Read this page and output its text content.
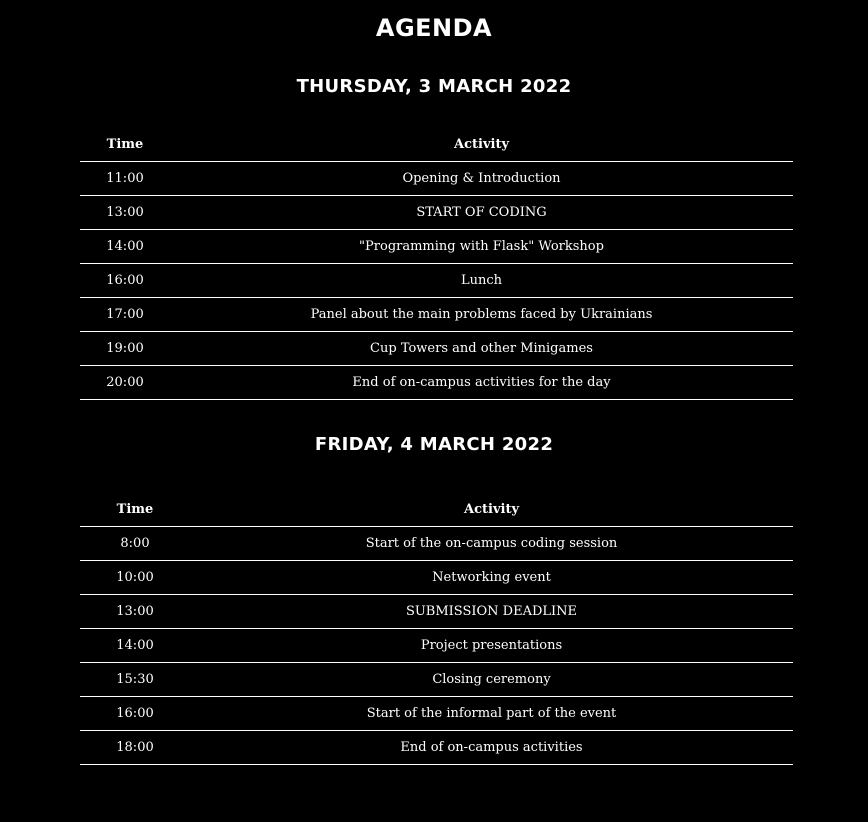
AGENDA
THURSDAY, 3 MARCH 2022
Time	Activity
11:00	Opening & Introduction
13:00	START OF CODING
14:00	"Programming with Flask" Workshop
16:00	Lunch
17:00	Panel about the main problems faced by Ukrainians
19:00	Cup Towers and other Minigames
20:00	End of on-campus activities for the day
FRIDAY, 4 MARCH 2022
Time	Activity
8:00	Start of the on-campus coding session
10:00	Networking event
13:00	SUBMISSION DEADLINE
14:00	Project presentations
15:30	Closing ceremony
16:00	Start of the informal part of the event
18:00	End of on-campus activities
